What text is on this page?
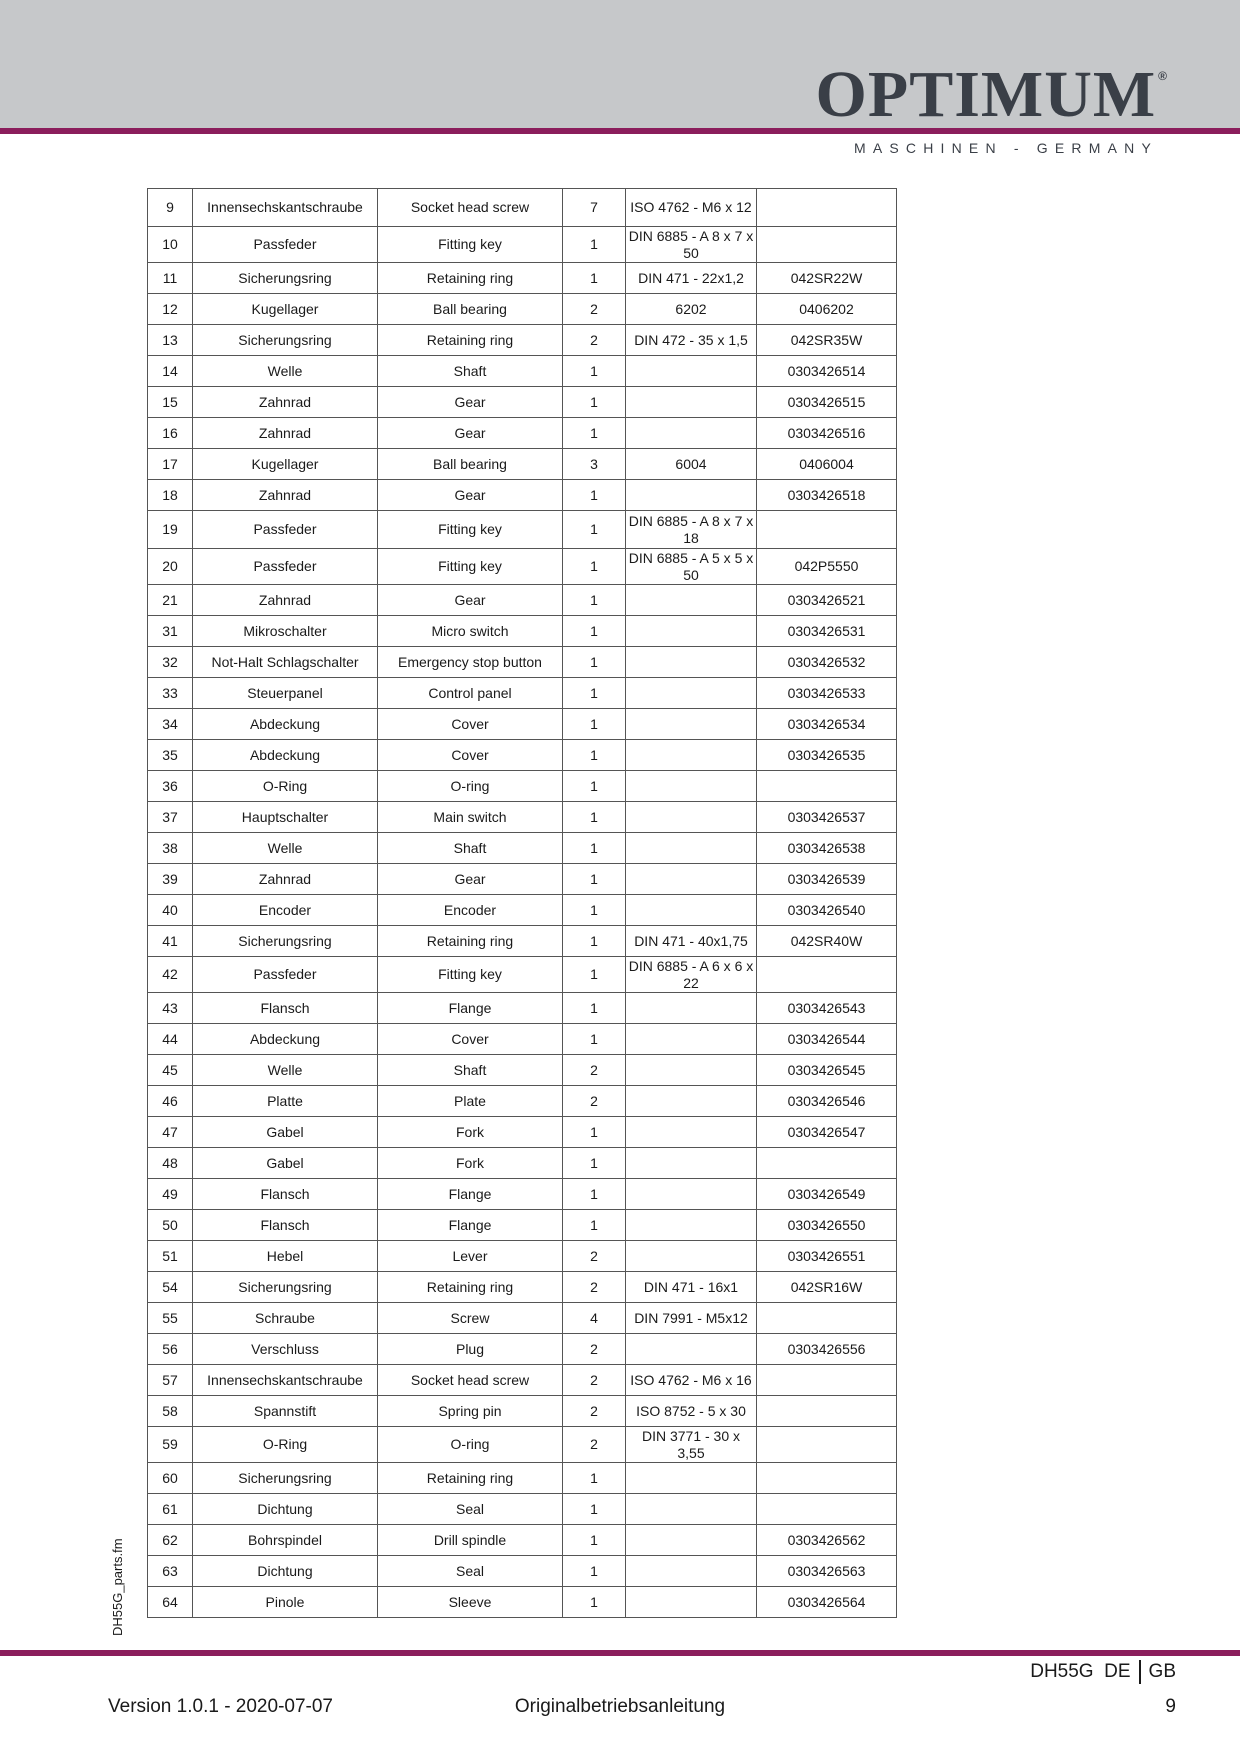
OPTIMUM ®
MASCHINEN - GERMANY
9	Innensechskantschraube	Socket head screw	7	ISO 4762 - M6 x 12	
10	Passfeder	Fitting key	1	DIN 6885 - A 8 x 7 x 50	
11	Sicherungsring	Retaining ring	1	DIN 471 - 22x1,2	042SR22W
12	Kugellager	Ball bearing	2	6202	0406202
13	Sicherungsring	Retaining ring	2	DIN 472 - 35 x 1,5	042SR35W
14	Welle	Shaft	1		0303426514
15	Zahnrad	Gear	1		0303426515
16	Zahnrad	Gear	1		0303426516
17	Kugellager	Ball bearing	3	6004	0406004
18	Zahnrad	Gear	1		0303426518
19	Passfeder	Fitting key	1	DIN 6885 - A 8 x 7 x 18	
20	Passfeder	Fitting key	1	DIN 6885 - A 5 x 5 x 50	042P5550
21	Zahnrad	Gear	1		0303426521
31	Mikroschalter	Micro switch	1		0303426531
32	Not-Halt Schlagschalter	Emergency stop button	1		0303426532
33	Steuerpanel	Control panel	1		0303426533
34	Abdeckung	Cover	1		0303426534
35	Abdeckung	Cover	1		0303426535
36	O-Ring	O-ring	1		
37	Hauptschalter	Main switch	1		0303426537
38	Welle	Shaft	1		0303426538
39	Zahnrad	Gear	1		0303426539
40	Encoder	Encoder	1		0303426540
41	Sicherungsring	Retaining ring	1	DIN 471 - 40x1,75	042SR40W
42	Passfeder	Fitting key	1	DIN 6885 - A 6 x 6 x 22	
43	Flansch	Flange	1		0303426543
44	Abdeckung	Cover	1		0303426544
45	Welle	Shaft	2		0303426545
46	Platte	Plate	2		0303426546
47	Gabel	Fork	1		0303426547
48	Gabel	Fork	1		
49	Flansch	Flange	1		0303426549
50	Flansch	Flange	1		0303426550
51	Hebel	Lever	2		0303426551
54	Sicherungsring	Retaining ring	2	DIN 471 - 16x1	042SR16W
55	Schraube	Screw	4	DIN 7991 - M5x12	
56	Verschluss	Plug	2		0303426556
57	Innensechskantschraube	Socket head screw	2	ISO 4762 - M6 x 16	
58	Spannstift	Spring pin	2	ISO 8752 - 5 x 30	
59	O-Ring	O-ring	2	DIN 3771 - 30 x 3,55	
60	Sicherungsring	Retaining ring	1		
61	Dichtung	Seal	1		
62	Bohrspindel	Drill spindle	1		0303426562
63	Dichtung	Seal	1		0303426563
64	Pinole	Sleeve	1		0303426564
DH55G_parts.fm
DH55G DE GB
Version 1.0.1 - 2020-07-07	Originalbetriebsanleitung	9
